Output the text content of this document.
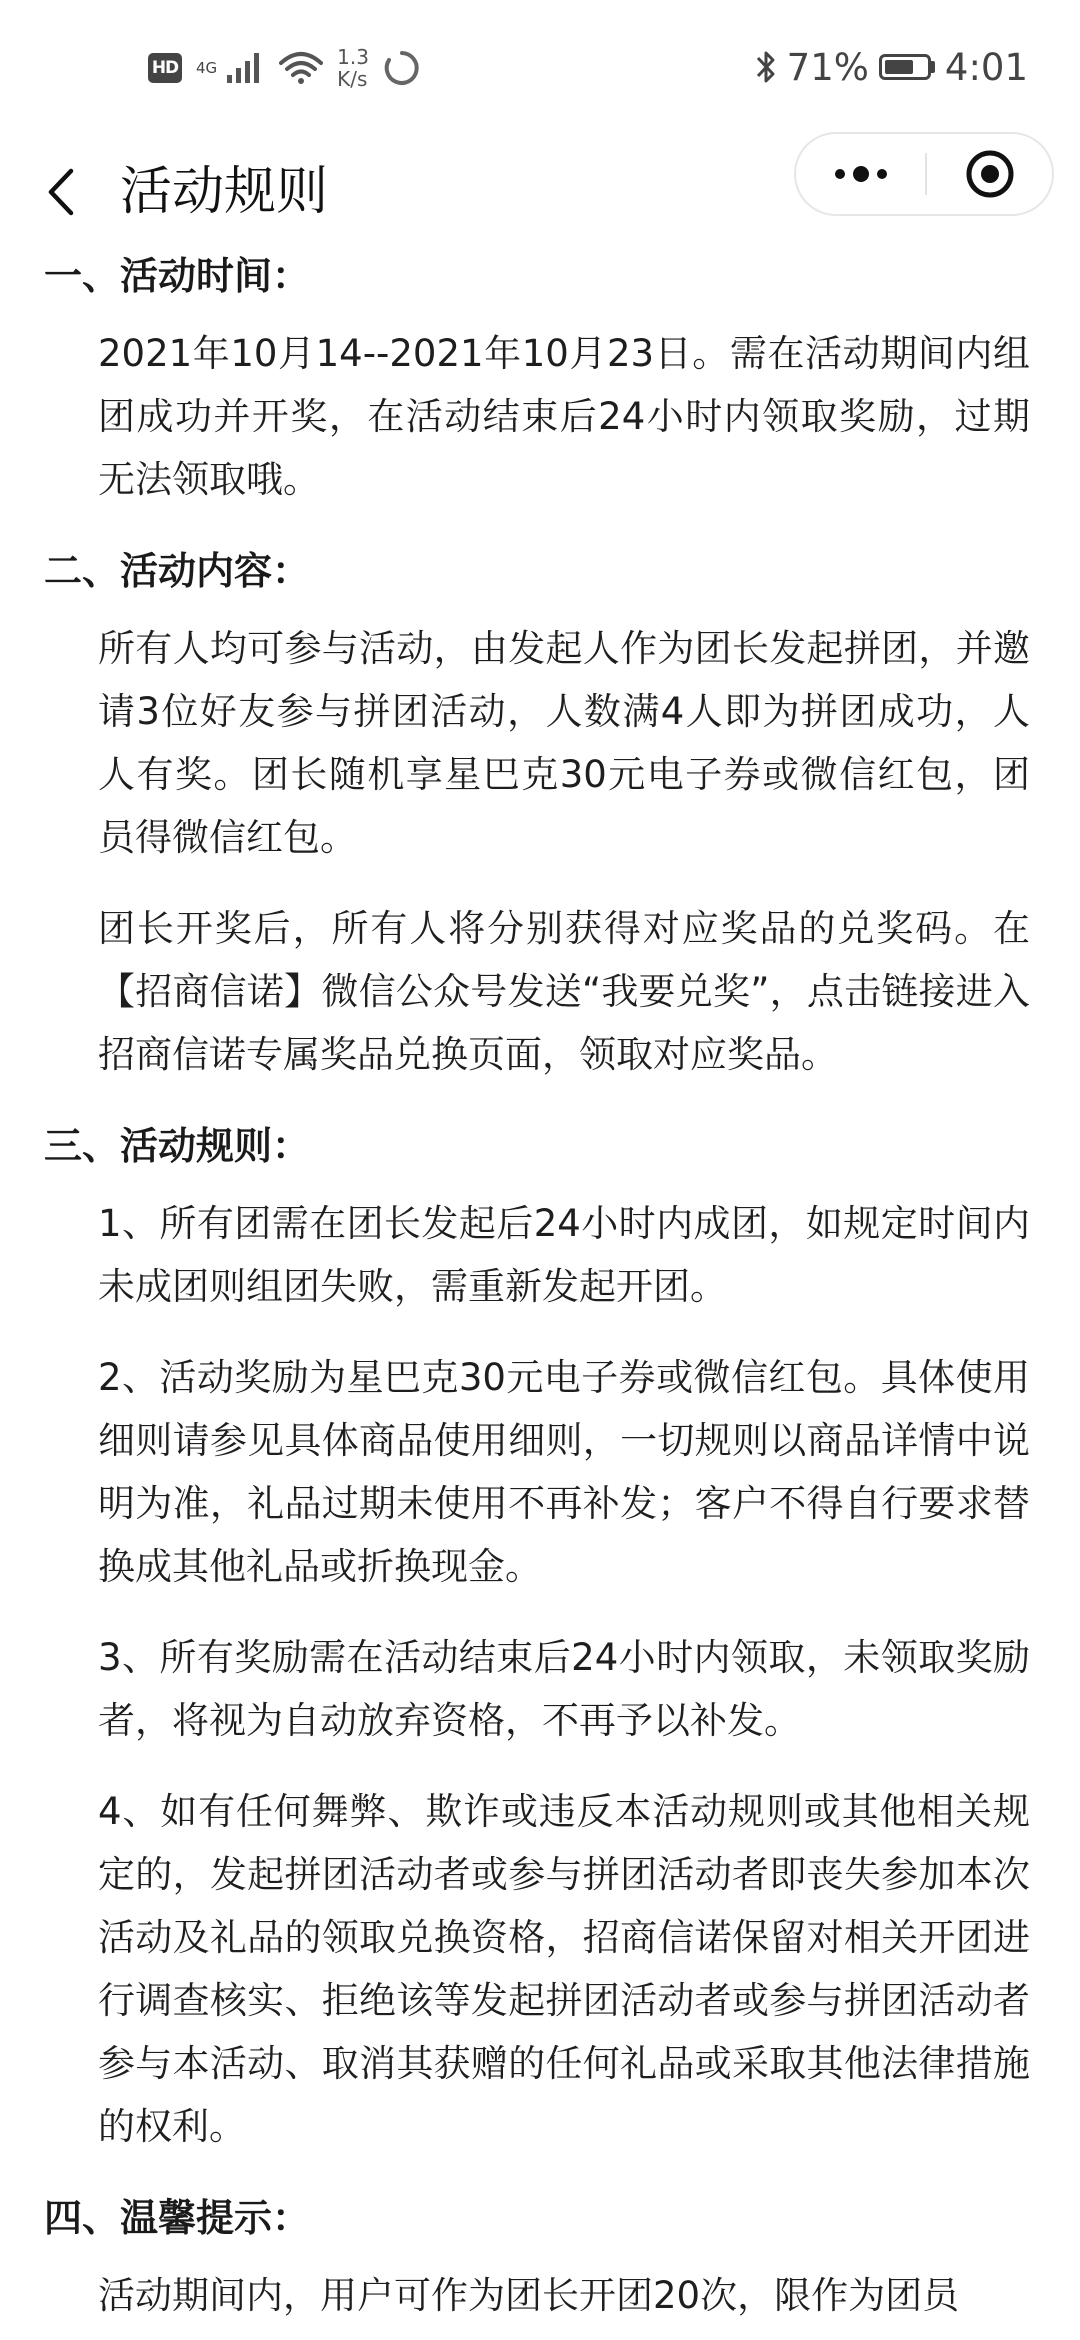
HD 4G	1.3
K/s	71% 4:01
活动规则
一、活动时间：

2021年10月14--2021年10月23日。需在活动期间内组团成功并开奖，在活动结束后24小时内领取奖励，过期无法领取哦。

二、活动内容：

所有人均可参与活动，由发起人作为团长发起拼团，并邀请3位好友参与拼团活动，人数满4人即为拼团成功，人人有奖。团长随机享星巴克30元电子券或微信红包，团员得微信红包。

团长开奖后，所有人将分别获得对应奖品的兑奖码。在【招商信诺】微信公众号发送“我要兑奖”，点击链接进入招商信诺专属奖品兑换页面，领取对应奖品。

三、活动规则：

1、所有团需在团长发起后24小时内成团，如规定时间内未成团则组团失败，需重新发起开团。

2、活动奖励为星巴克30元电子券或微信红包。具体使用细则请参见具体商品使用细则，一切规则以商品详情中说明为准，礼品过期未使用不再补发；客户不得自行要求替换成其他礼品或折换现金。

3、所有奖励需在活动结束后24小时内领取，未领取奖励者，将视为自动放弃资格，不再予以补发。

4、如有任何舞弊、欺诈或违反本活动规则或其他相关规定的，发起拼团活动者或参与拼团活动者即丧失参加本次活动及礼品的领取兑换资格，招商信诺保留对相关开团进行调查核实、拒绝该等发起拼团活动者或参与拼团活动者参与本活动、取消其获赠的任何礼品或采取其他法律措施的权利。

四、温馨提示：

活动期间内，用户可作为团长开团20次，限作为团员
